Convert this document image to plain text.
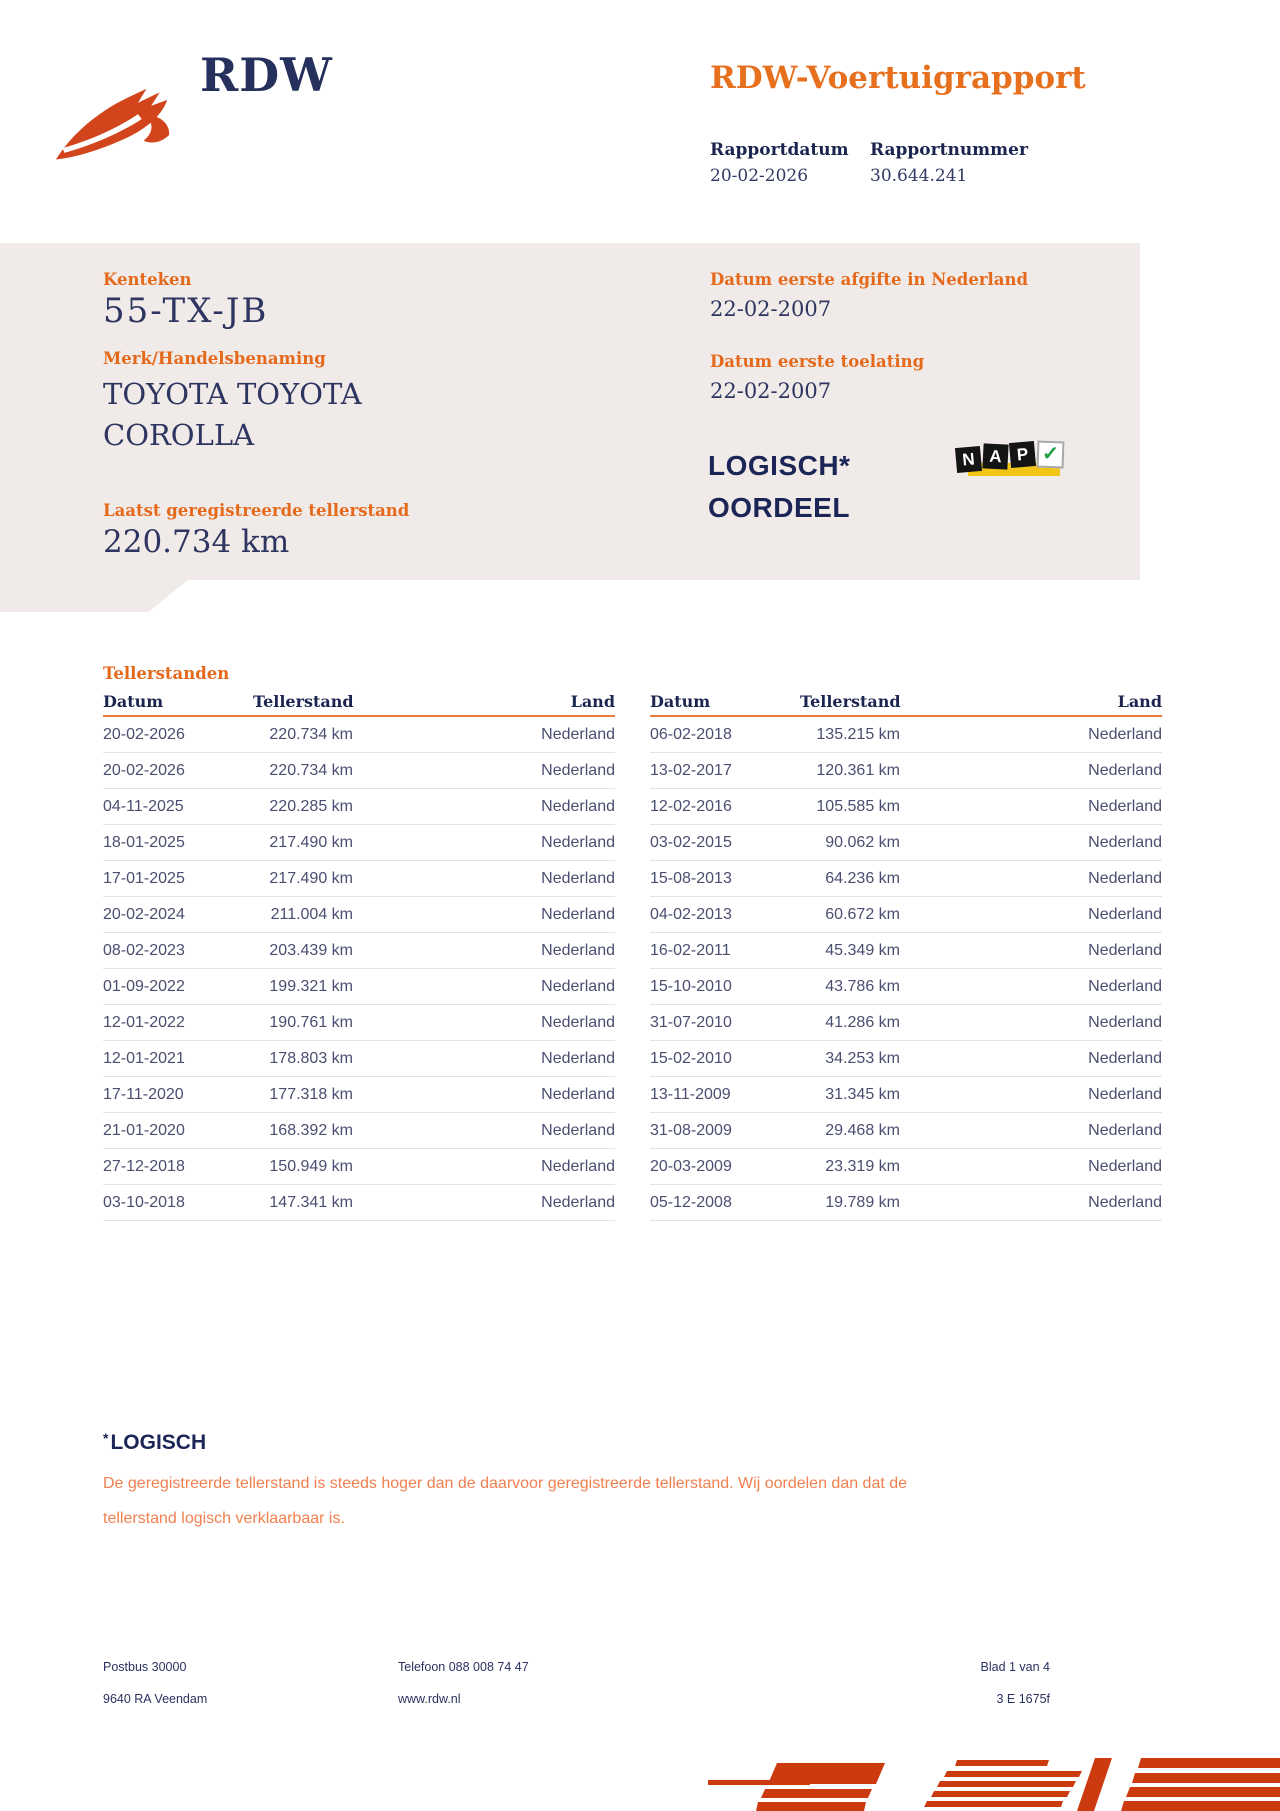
RDW	RDW-Voertuigrapport
Rapportdatum Rapportnummer
20-02-2026	30.644.241
Kenteken
55-TX-JB
Merk/Handelsbenaming
TOYOTA TOYOTA COROLLA
Laatst geregistreerde tellerstand
220.734 km
Datum eerste afgifte in Nederland
22-02-2007
Datum eerste toelating
22-02-2007
LOGISCH*
OORDEEL
N A P ✓
Tellerstanden
Datum	Tellerstand	Land
20-02-2026	220.734 km	Nederland
20-02-2026	220.734 km	Nederland
04-11-2025	220.285 km	Nederland
18-01-2025	217.490 km	Nederland
17-01-2025	217.490 km	Nederland
20-02-2024	211.004 km	Nederland
08-02-2023	203.439 km	Nederland
01-09-2022	199.321 km	Nederland
12-01-2022	190.761 km	Nederland
12-01-2021	178.803 km	Nederland
17-11-2020	177.318 km	Nederland
21-01-2020	168.392 km	Nederland
27-12-2018	150.949 km	Nederland
03-10-2018	147.341 km	Nederland
Datum	Tellerstand	Land
06-02-2018	135.215 km	Nederland
13-02-2017	120.361 km	Nederland
12-02-2016	105.585 km	Nederland
03-02-2015	90.062 km	Nederland
15-08-2013	64.236 km	Nederland
04-02-2013	60.672 km	Nederland
16-02-2011	45.349 km	Nederland
15-10-2010	43.786 km	Nederland
31-07-2010	41.286 km	Nederland
15-02-2010	34.253 km	Nederland
13-11-2009	31.345 km	Nederland
31-08-2009	29.468 km	Nederland
20-03-2009	23.319 km	Nederland
05-12-2008	19.789 km	Nederland
*LOGISCH
De geregistreerde tellerstand is steeds hoger dan de daarvoor geregistreerde tellerstand. Wij oordelen dan dat de tellerstand logisch verklaarbaar is.
Postbus 30000
9640 RA Veendam
Telefoon 088 008 74 47
www.rdw.nl
Blad 1 van 4
3 E 1675f
